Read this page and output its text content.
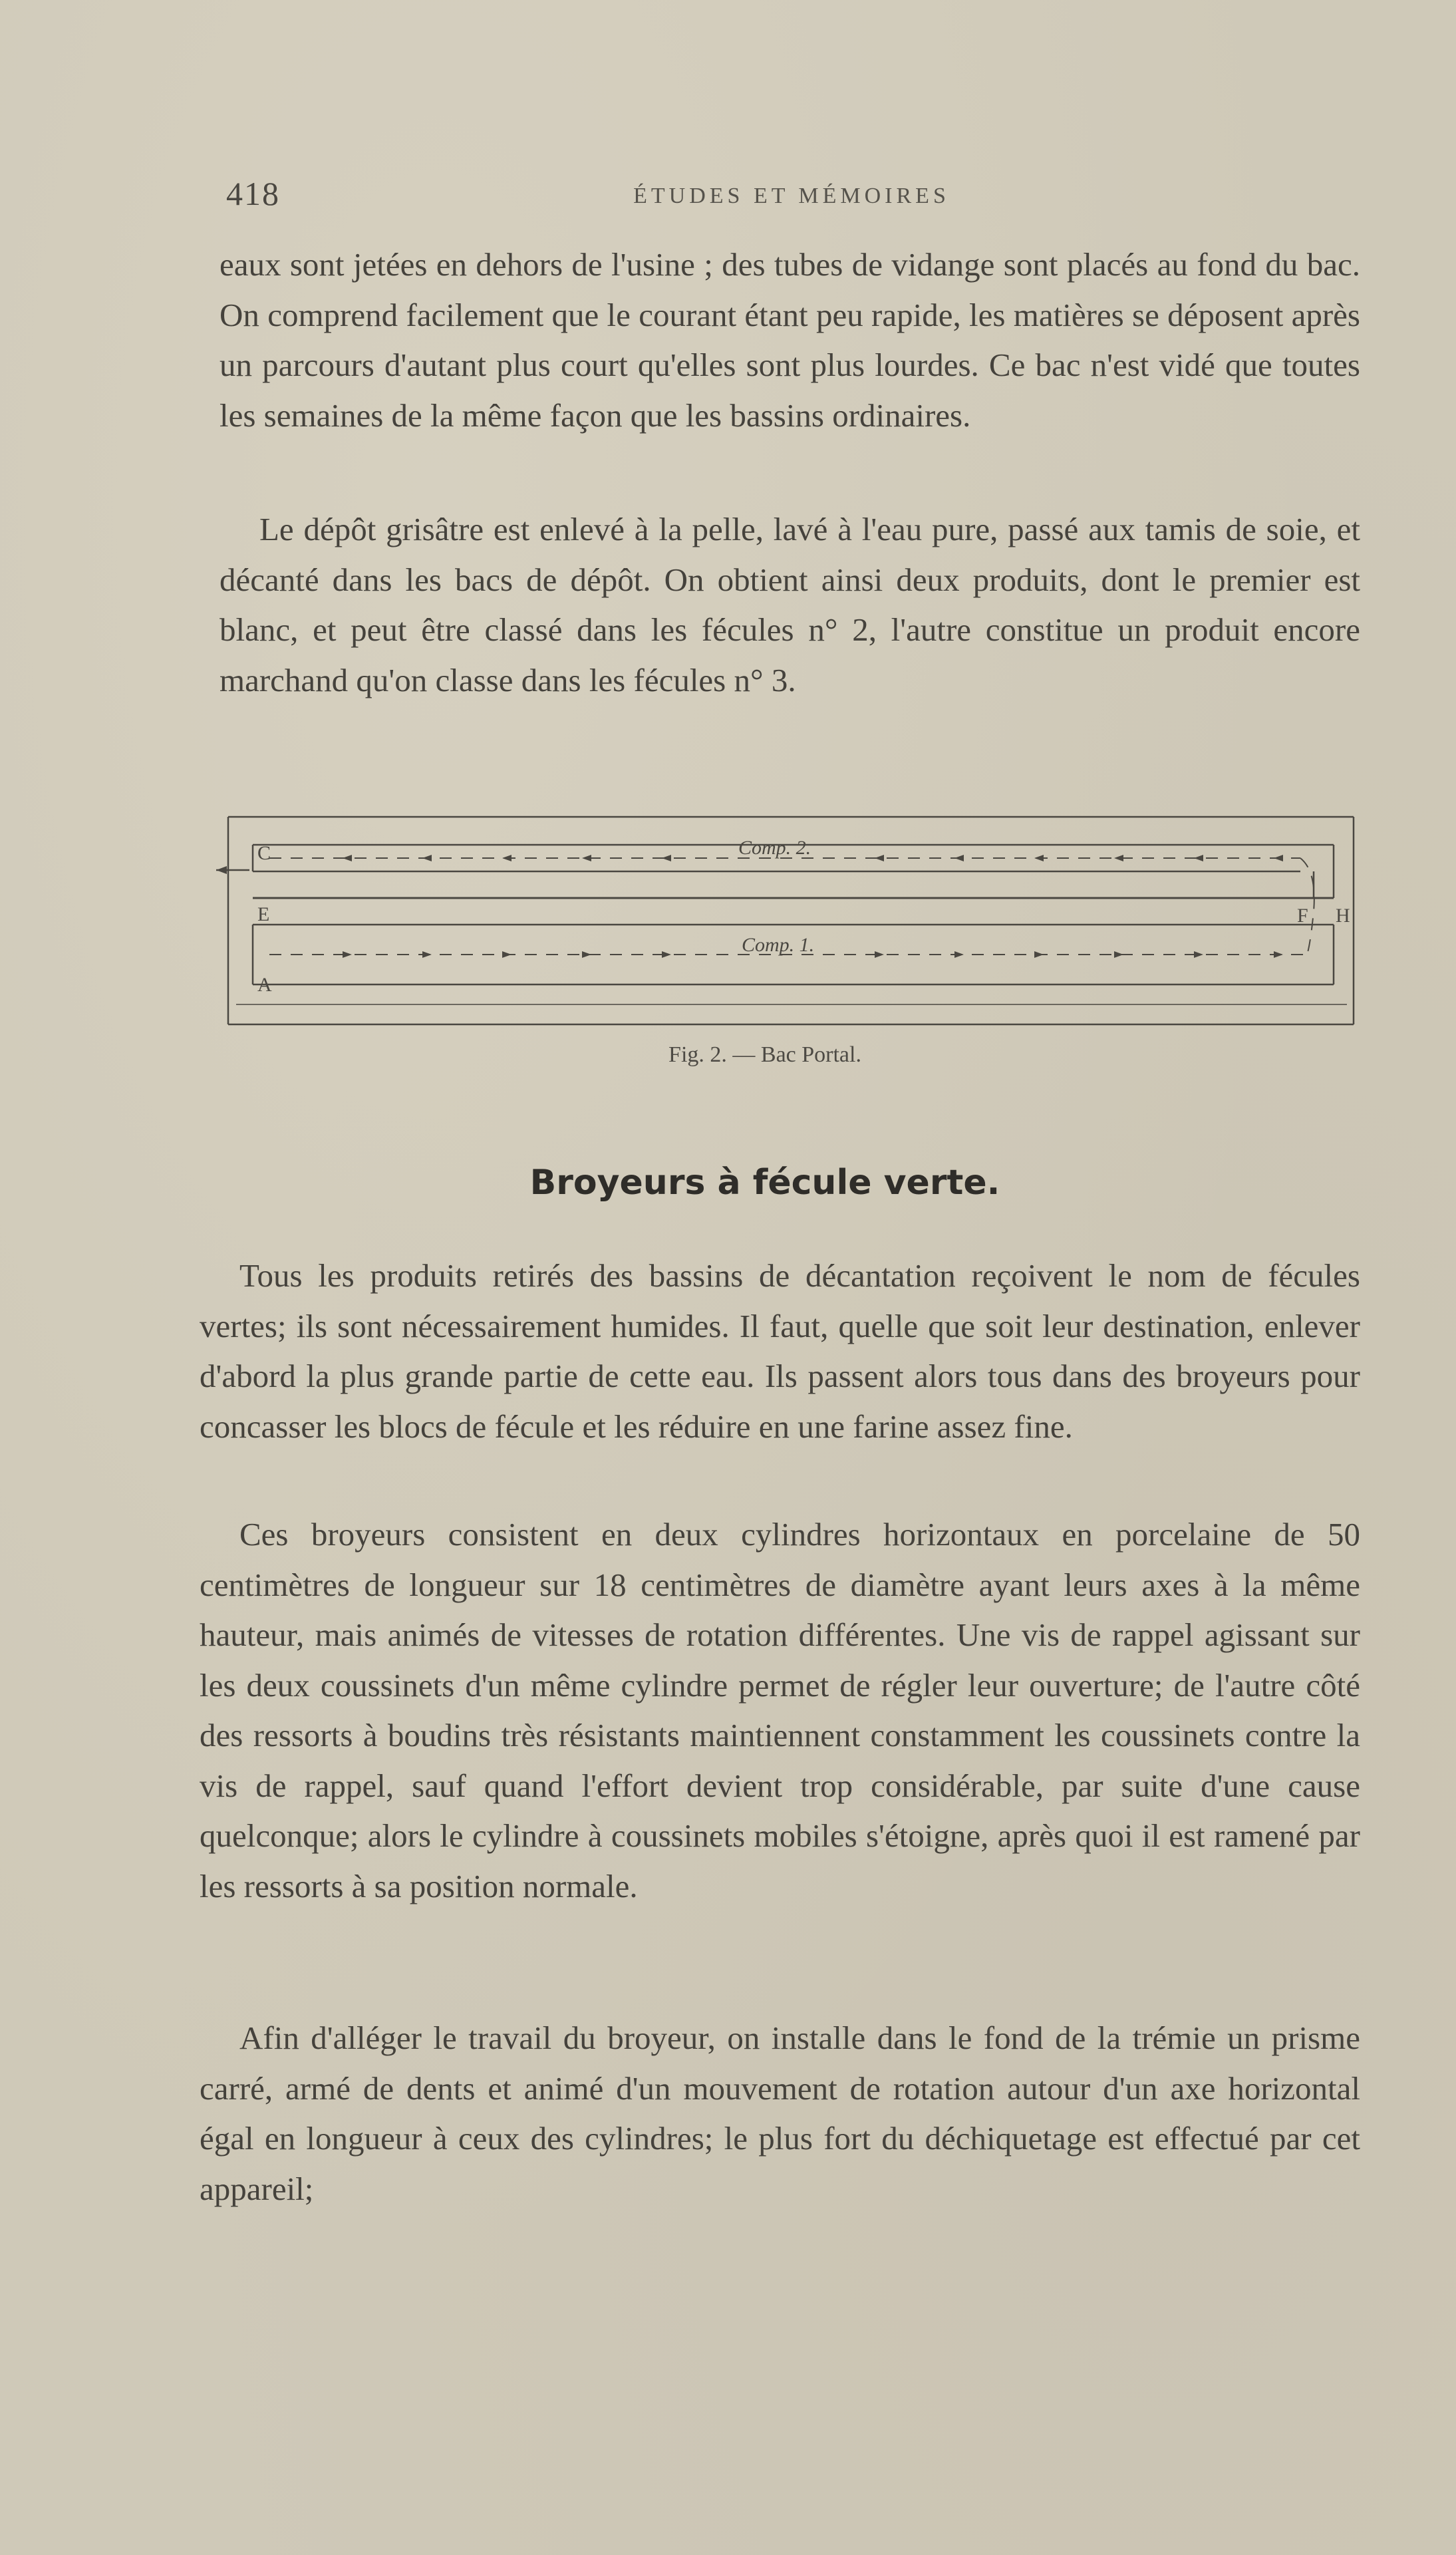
418	ÉTUDES ET MÉMOIRES

eaux sont jetées en dehors de l'usine ; des tubes de vidange sont placés au fond du bac. On comprend facilement que le courant étant peu rapide, les matières se déposent après un parcours d'autant plus court qu'elles sont plus lourdes. Ce bac n'est vidé que toutes les semaines de la même façon que les bassins ordinaires.

Le dépôt grisâtre est enlevé à la pelle, lavé à l'eau pure, passé aux tamis de soie, et décanté dans les bacs de dépôt. On obtient ainsi deux produits, dont le premier est blanc, et peut être classé dans les fécules n° 2, l'autre constitue un produit encore marchand qu'on classe dans les fécules n° 3.

C
E
A
F H
Comp. 2.
Comp. 1.
Fig. 2. — Bac Portal.
Broyeurs à fécule verte.

Tous les produits retirés des bassins de décantation reçoivent le nom de fécules vertes; ils sont nécessairement humides. Il faut, quelle que soit leur destination, enlever d'abord la plus grande partie de cette eau. Ils passent alors tous dans des broyeurs pour concasser les blocs de fécule et les réduire en une farine assez fine.

Ces broyeurs consistent en deux cylindres horizontaux en porcelaine de 50 centimètres de longueur sur 18 centimètres de diamètre ayant leurs axes à la même hauteur, mais animés de vitesses de rotation différentes. Une vis de rappel agissant sur les deux coussinets d'un même cylindre permet de régler leur ouverture; de l'autre côté des ressorts à boudins très résistants maintiennent constamment les coussinets contre la vis de rappel, sauf quand l'effort devient trop considérable, par suite d'une cause quelconque; alors le cylindre à coussinets mobiles s'étoigne, après quoi il est ramené par les ressorts à sa position normale.

Afin d'alléger le travail du broyeur, on installe dans le fond de la trémie un prisme carré, armé de dents et animé d'un mouvement de rotation autour d'un axe horizontal égal en longueur à ceux des cylindres; le plus fort du déchiquetage est effectué par cet appareil;
